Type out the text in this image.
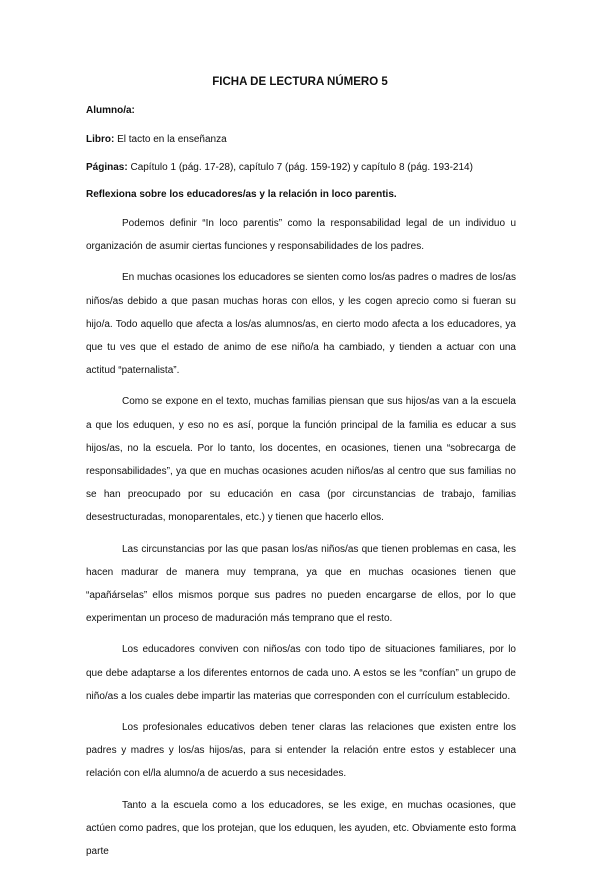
FICHA DE LECTURA NÚMERO 5
Alumno/a:
Libro: El tacto en la enseñanza
Páginas: Capítulo 1 (pág. 17-28), capítulo 7 (pág. 159-192) y capítulo 8 (pág. 193-214)
Reflexiona sobre los educadores/as y la relación in loco parentis.

Podemos definir “In loco parentis” como la responsabilidad legal de un individuo u organización de asumir ciertas funciones y responsabilidades de los padres.

En muchas ocasiones los educadores se sienten como los/as padres o madres de los/as niños/as debido a que pasan muchas horas con ellos, y les cogen aprecio como si fueran su hijo/a. Todo aquello que afecta a los/as alumnos/as, en cierto modo afecta a los educadores, ya que tu ves que el estado de animo de ese niño/a ha cambiado, y tienden a actuar con una actitud “paternalista”.

Como se expone en el texto, muchas familias piensan que sus hijos/as van a la escuela a que los eduquen, y eso no es así, porque la función principal de la familia es educar a sus hijos/as, no la escuela. Por lo tanto, los docentes, en ocasiones, tienen una “sobrecarga de responsabilidades”, ya que en muchas ocasiones acuden niños/as al centro que sus familias no se han preocupado por su educación en casa (por circunstancias de trabajo, familias desestructuradas, monoparentales, etc.) y tienen que hacerlo ellos.

Las circunstancias por las que pasan los/as niños/as que tienen problemas en casa, les hacen madurar de manera muy temprana, ya que en muchas ocasiones tienen que “apañárselas” ellos mismos porque sus padres no pueden encargarse de ellos, por lo que experimentan un proceso de maduración más temprano que el resto.

Los educadores conviven con niños/as con todo tipo de situaciones familiares, por lo que debe adaptarse a los diferentes entornos de cada uno. A estos se les “confían” un grupo de niño/as a los cuales debe impartir las materias que corresponden con el currículum establecido.

Los profesionales educativos deben tener claras las relaciones que existen entre los padres y madres y los/as hijos/as, para si entender la relación entre estos y establecer una relación con el/la alumno/a de acuerdo a sus necesidades.

Tanto a la escuela como a los educadores, se les exige, en muchas ocasiones, que actúen como padres, que los protejan, que los eduquen, les ayuden, etc. Obviamente esto forma parte
